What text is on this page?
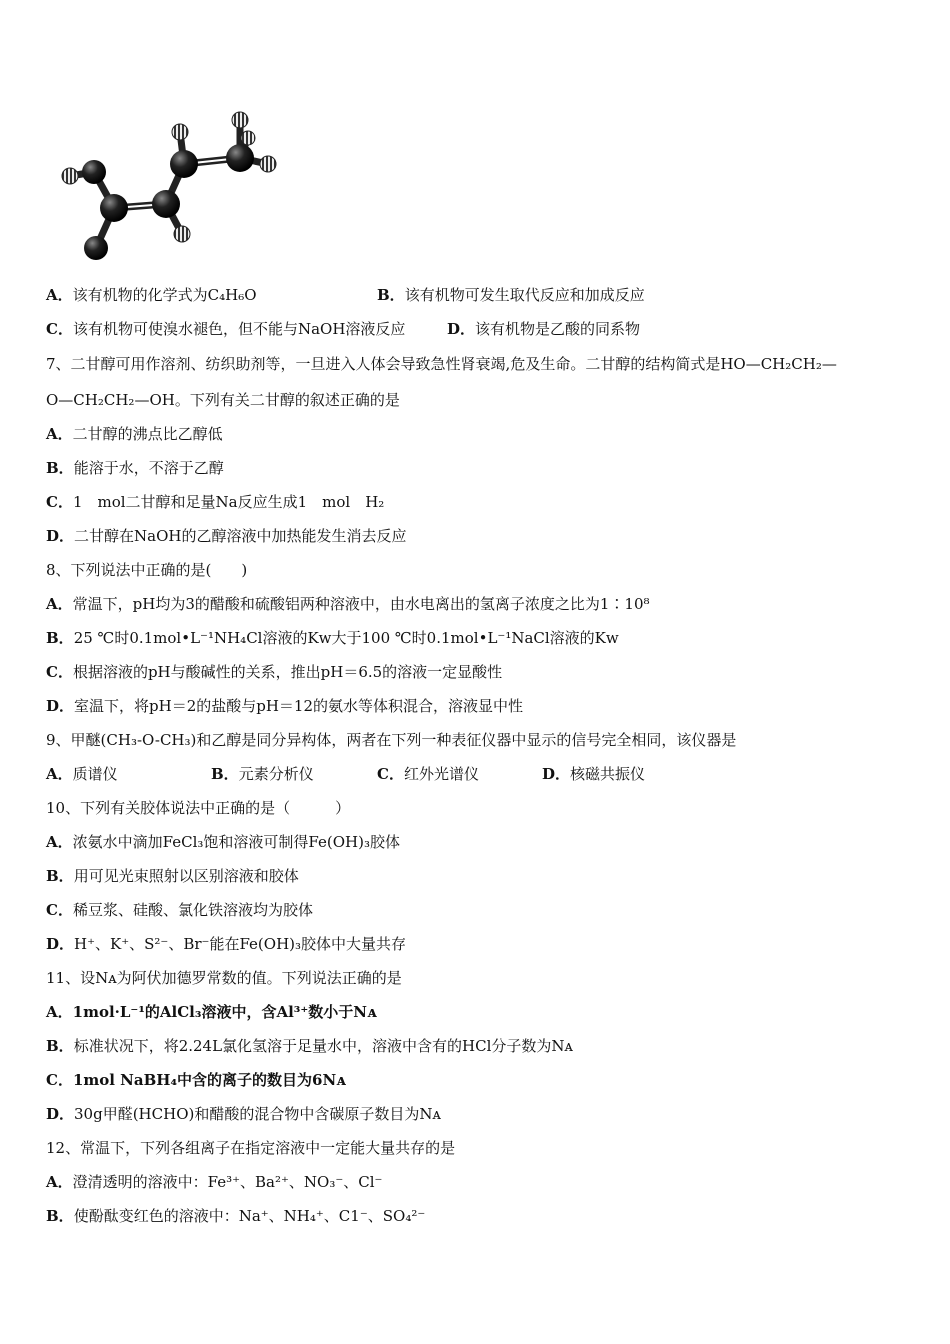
A．该有机物的化学式为C₄H₆O	B．该有机物可发生取代反应和加成反应
C．该有机物可使溴水褪色，但不能与NaOH溶液反应	D．该有机物是乙酸的同系物
7、二甘醇可用作溶剂、纺织助剂等，一旦进入人体会导致急性肾衰竭,危及生命。二甘醇的结构简式是HO—CH₂CH₂—
O—CH₂CH₂—OH。下列有关二甘醇的叙述正确的是
A．二甘醇的沸点比乙醇低
B．能溶于水，不溶于乙醇
C．1　mol二甘醇和足量Na反应生成1　mol　H₂
D．二甘醇在NaOH的乙醇溶液中加热能发生消去反应
8、下列说法中正确的是(　　)
A．常温下，pH均为3的醋酸和硫酸铝两种溶液中，由水电离出的氢离子浓度之比为1∶10⁸
B．25 ℃时0.1mol•L⁻¹NH₄Cl溶液的Kw大于100 ℃时0.1mol•L⁻¹NaCl溶液的Kw
C．根据溶液的pH与酸碱性的关系，推出pH＝6.5的溶液一定显酸性
D．室温下，将pH＝2的盐酸与pH＝12的氨水等体积混合，溶液显中性
9、甲醚(CH₃-O-CH₃)和乙醇是同分异构体，两者在下列一种表征仪器中显示的信号完全相同，该仪器是
A．质谱仪	B．元素分析仪	C．红外光谱仪	D．核磁共振仪
10、下列有关胶体说法中正确的是（　　　）
A．浓氨水中滴加FeCl₃饱和溶液可制得Fe(OH)₃胶体
B．用可见光束照射以区别溶液和胶体
C．稀豆浆、硅酸、氯化铁溶液均为胶体
D．H⁺、K⁺、S²⁻、Br⁻能在Fe(OH)₃胶体中大量共存
11、设Nᴀ为阿伏加德罗常数的值。下列说法正确的是
A．1mol·L⁻¹的AlCl₃溶液中，含Al³⁺数小于Nᴀ
B．标准状况下，将2.24L氯化氢溶于足量水中，溶液中含有的HCl分子数为Nᴀ
C．1mol NaBH₄中含的离子的数目为6Nᴀ
D．30g甲醛(HCHO)和醋酸的混合物中含碳原子数目为Nᴀ
12、常温下，下列各组离子在指定溶液中一定能大量共存的是
A．澄清透明的溶液中：Fe³⁺、Ba²⁺、NO₃⁻、Cl⁻
B．使酚酞变红色的溶液中：Na⁺、NH₄⁺、C1⁻、SO₄²⁻
